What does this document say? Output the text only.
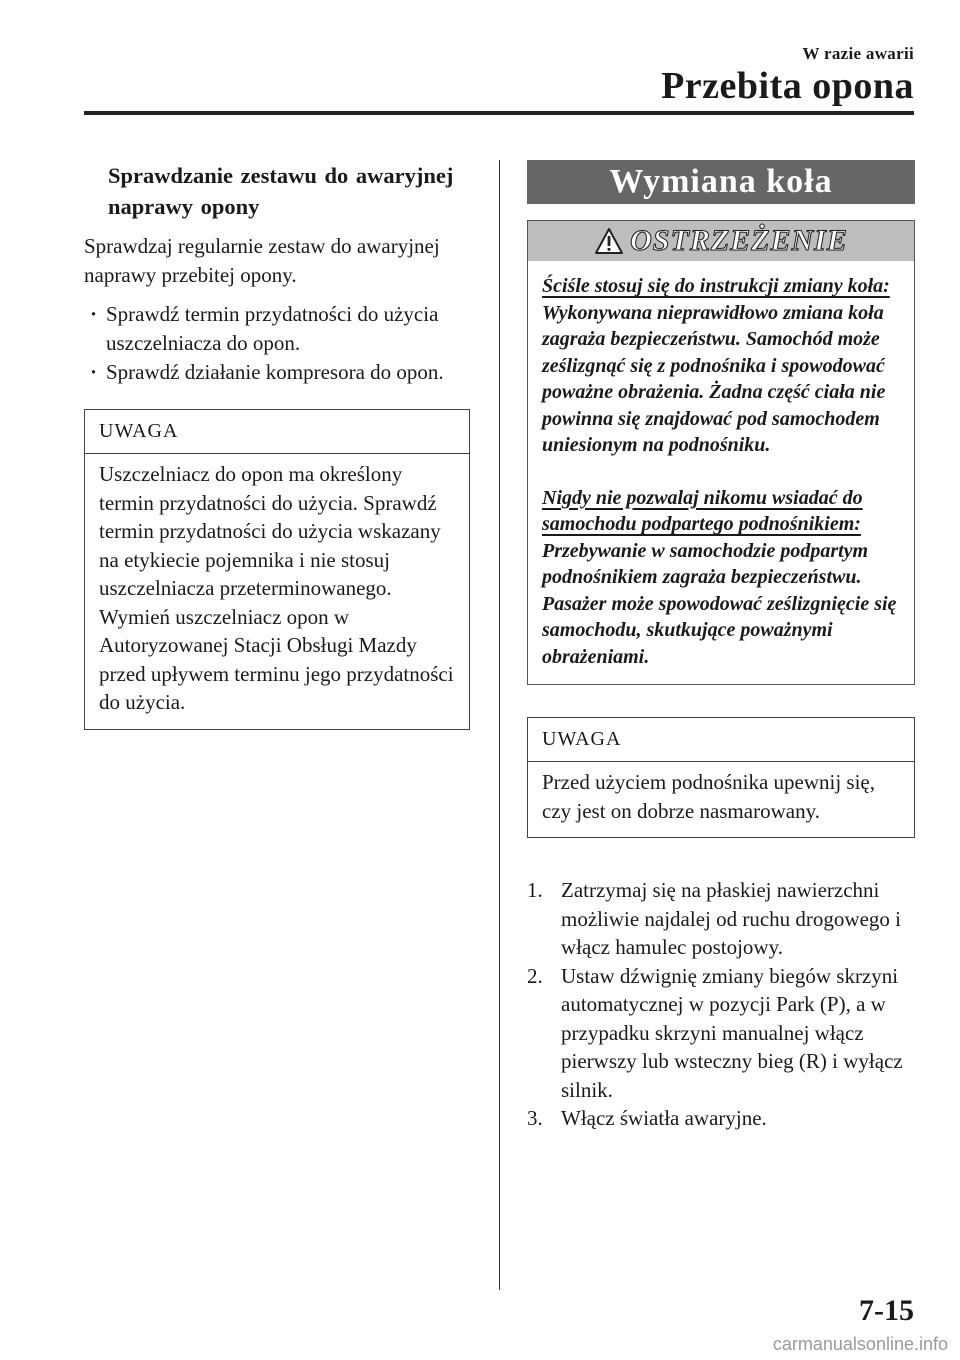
W razie awarii
Przebita opona

Sprawdzanie zestawu do awaryjnej naprawy opony

Sprawdzaj regularnie zestaw do awaryjnej naprawy przebitej opony.

· Sprawdź termin przydatności do użycia uszczelniacza do opon.
· Sprawdź działanie kompresora do opon.
UWAGA
Uszczelniacz do opon ma określony termin przydatności do użycia. Sprawdź termin przydatności do użycia wskazany na etykiecie pojemnika i nie stosuj uszczelniacza przeterminowanego. Wymień uszczelniacz opon w Autoryzowanej Stacji Obsługi Mazdy przed upływem terminu jego przydatności do użycia.
Wymiana koła
OSTRZEŻENIE

Ściśle stosuj się do instrukcji zmiany koła:

Wykonywana nieprawidłowo zmiana koła zagraża bezpieczeństwu. Samochód może ześlizgnąć się z podnośnika i spowodować poważne obrażenia. Żadna część ciała nie powinna się znajdować pod samochodem uniesionym na podnośniku.

Nigdy nie pozwalaj nikomu wsiadać do samochodu podpartego podnośnikiem:

Przebywanie w samochodzie podpartym podnośnikiem zagraża bezpieczeństwu. Pasażer może spowodować ześlizgnięcie się samochodu, skutkujące poważnymi obrażeniami.

UWAGA
Przed użyciem podnośnika upewnij się, czy jest on dobrze nasmarowany.
1. Zatrzymaj się na płaskiej nawierzchni możliwie najdalej od ruchu drogowego i włącz hamulec postojowy.
2. Ustaw dźwignię zmiany biegów skrzyni automatycznej w pozycji Park (P), a w przypadku skrzyni manualnej włącz pierwszy lub wsteczny bieg (R) i wyłącz silnik.
3. Włącz światła awaryjne.
7-15
carmanualsonline.info
